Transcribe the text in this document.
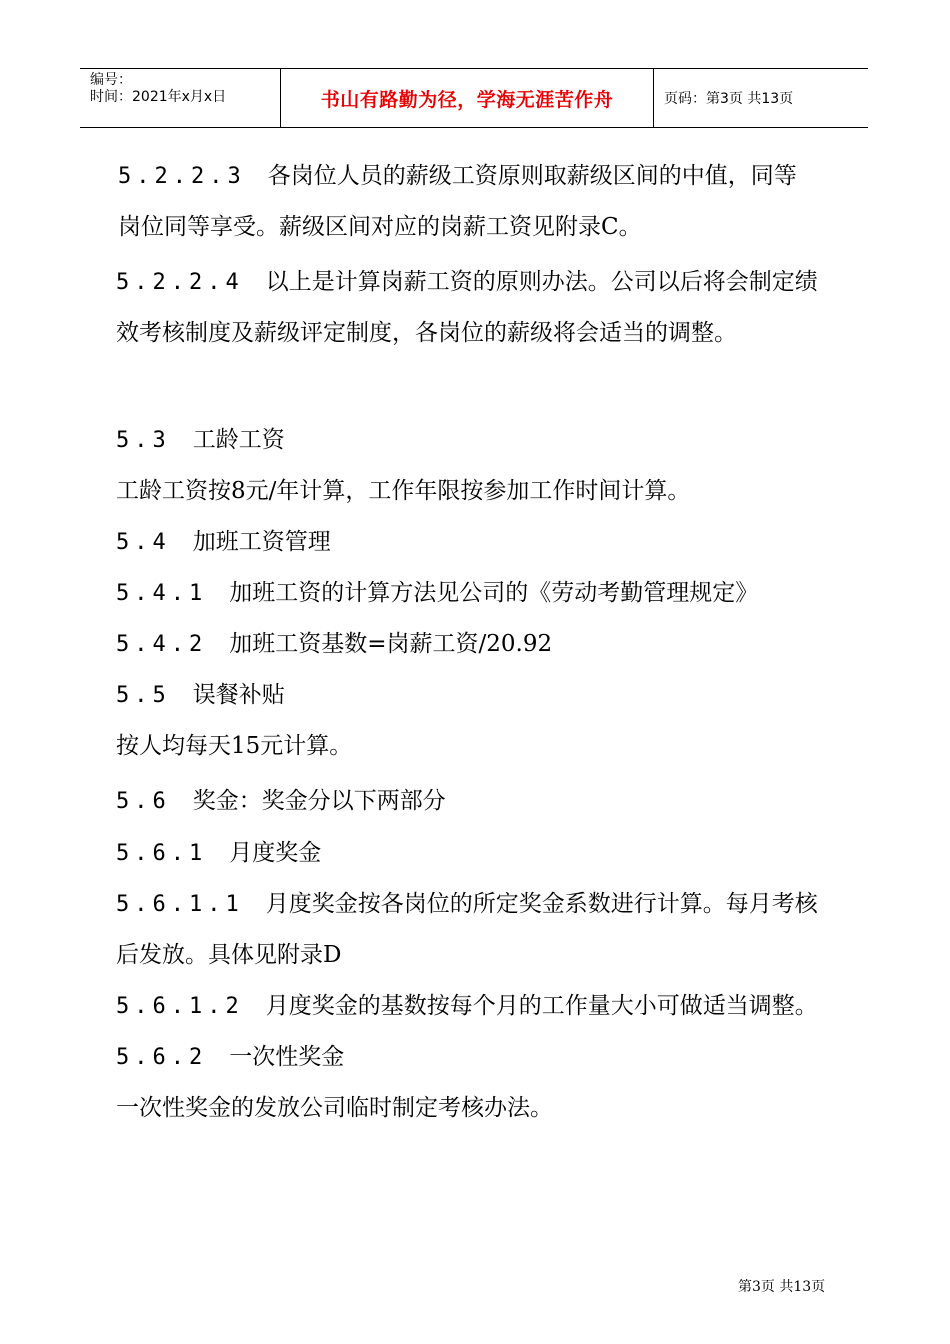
编号：
时间：2021年x月x日	书山有路勤为径，学海无涯苦作舟	页码：第3页 共13页
5.2.2.3 各岗位人员的薪级工资原则取薪级区间的中值，同等
岗位同等享受。薪级区间对应的岗薪工资见附录C。
5.2.2.4 以上是计算岗薪工资的原则办法。公司以后将会制定绩
效考核制度及薪级评定制度，各岗位的薪级将会适当的调整。
5.3 工龄工资
工龄工资按8元/年计算，工作年限按参加工作时间计算。
5.4 加班工资管理
5.4.1 加班工资的计算方法见公司的《劳动考勤管理规定》
5.4.2 加班工资基数=岗薪工资/20.92
5.5 误餐补贴
按人均每天15元计算。
5.6 奖金：奖金分以下两部分
5.6.1 月度奖金
5.6.1.1 月度奖金按各岗位的所定奖金系数进行计算。每月考核
后发放。具体见附录D
5.6.1.2 月度奖金的基数按每个月的工作量大小可做适当调整。
5.6.2 一次性奖金
一次性奖金的发放公司临时制定考核办法。
第3页 共13页
